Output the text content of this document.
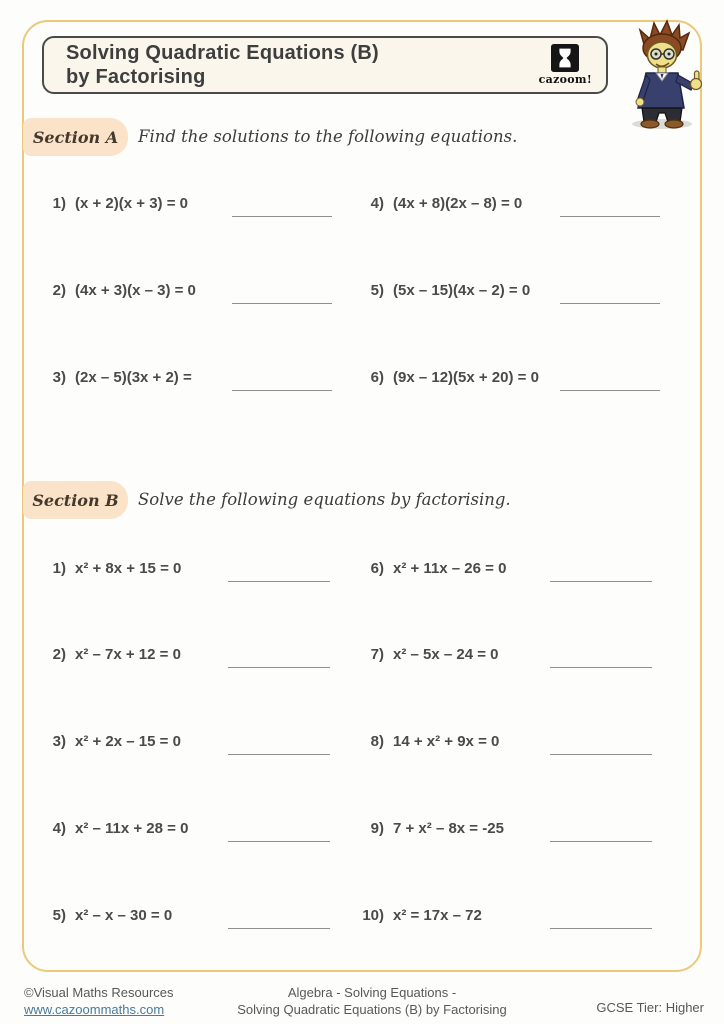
Solving Quadratic Equations (B)
by Factorising	cazoom!
Section A	Find the solutions to the following equations.
1) (x + 2)(x + 3) = 0
2) (4x + 3)(x – 3) = 0
3) (2x – 5)(3x + 2) =
4) (4x + 8)(2x – 8) = 0
5) (5x – 15)(4x – 2) = 0
6) (9x – 12)(5x + 20) = 0
Section B	Solve the following equations by factorising.
1) x² + 8x + 15 = 0
2) x² – 7x + 12 = 0
3) x² + 2x – 15 = 0
4) x² – 11x + 28 = 0
5) x² – x – 30 = 0
6) x² + 11x – 26 = 0
7) x² – 5x – 24 = 0
8) 14 + x² + 9x = 0
9) 7 + x² – 8x = -25
10) x² = 17x – 72
©Visual Maths Resources
www.cazoommaths.com
Algebra - Solving Equations -
Solving Quadratic Equations (B) by Factorising	GCSE Tier: Higher
